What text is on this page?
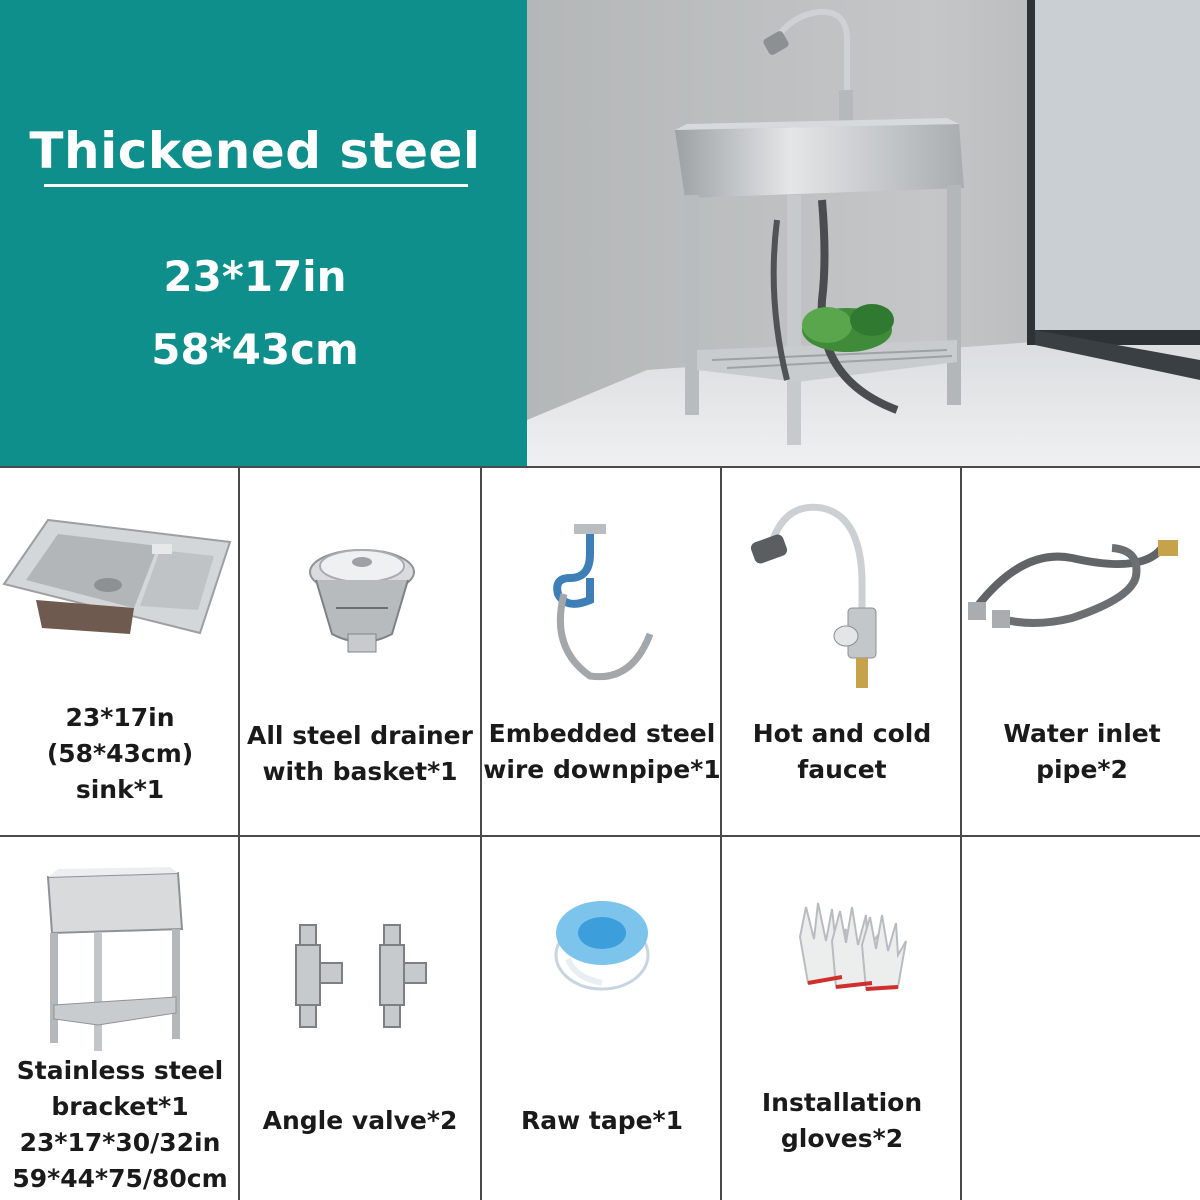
Thickened steel
23*17in
58*43cm
23*17in
(58*43cm)
sink*1
All steel drainer
with basket*1
Embedded steel
wire downpipe*1
Hot and cold
faucet
Water inlet
pipe*2
Stainless steel
bracket*1
23*17*30/32in
59*44*75/80cm
Angle valve*2	Raw tape*1
Installation
gloves*2
